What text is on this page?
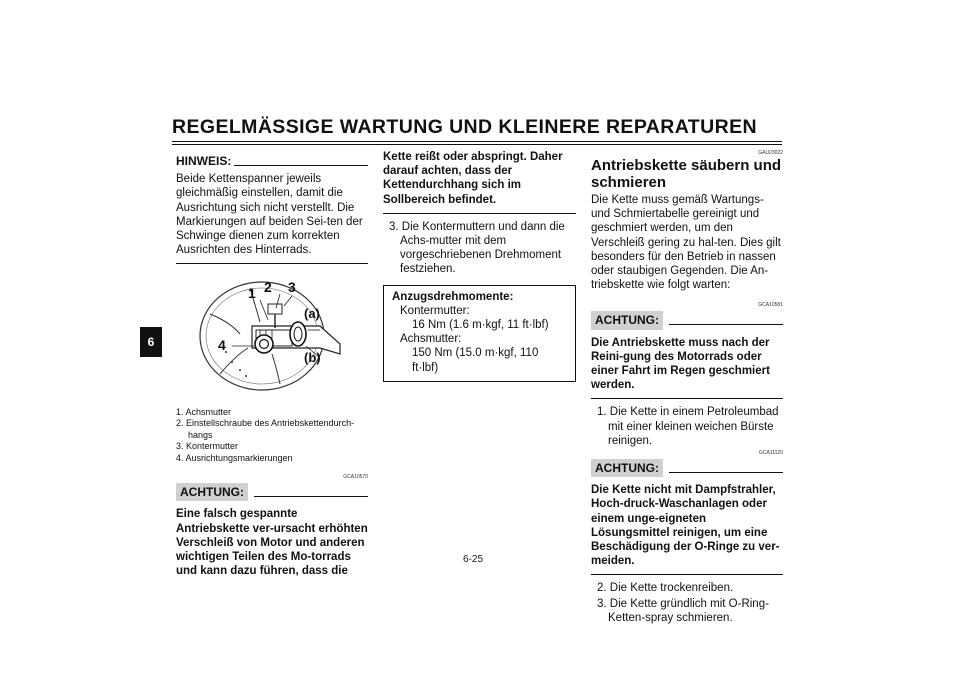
REGELMÄSSIGE WARTUNG UND KLEINERE REPARATUREN
6
HINWEIS:

Beide Kettenspanner jeweils gleichmäßig einstellen, damit die Ausrichtung sich nicht verstellt. Die Markierungen auf beiden Sei-ten der Schwinge dienen zum korrekten Ausrichten des Hinterrads.

1 2 3
4
(a)
(b)
1. Achsmutter
2. Einstellschraube des Antriebskettendurch-hangs
3. Kontermutter
4. Ausrichtungsmarkierungen
GCA10570
ACHTUNG:

Eine falsch gespannte Antriebskette ver-ursacht erhöhten Verschleiß von Motor und anderen wichtigen Teilen des Mo-torrads und kann dazu führen, dass die

Kette reißt oder abspringt. Daher darauf achten, dass der Kettendurchhang sich im Sollbereich befindet.

3. Die Kontermuttern und dann die Achs-mutter mit dem vorgeschriebenen Drehmoment festziehen.

Anzugsdrehmomente:
Kontermutter:
16 Nm (1.6 m·kgf, 11 ft·lbf)
Achsmutter:
150 Nm (15.0 m·kgf, 110 ft·lbf)
GAU23022
Antriebskette säubern und schmieren

Die Kette muss gemäß Wartungs- und Schmiertabelle gereinigt und geschmiert werden, um den Verschleiß gering zu hal-ten. Dies gilt besonders für den Betrieb in nassen oder staubigen Gegenden. Die An-triebskette wie folgt warten:

GCA10581
ACHTUNG:

Die Antriebskette muss nach der Reini-gung des Motorrads oder einer Fahrt im Regen geschmiert werden.

1. Die Kette in einem Petroleumbad mit einer kleinen weichen Bürste reinigen.

GCA11120
ACHTUNG:

Die Kette nicht mit Dampfstrahler, Hoch-druck-Waschanlagen oder einem unge-eigneten Lösungsmittel reinigen, um eine Beschädigung der O-Ringe zu ver-meiden.

2. Die Kette trockenreiben.

3. Die Kette gründlich mit O-Ring-Ketten-spray schmieren.

6-25
